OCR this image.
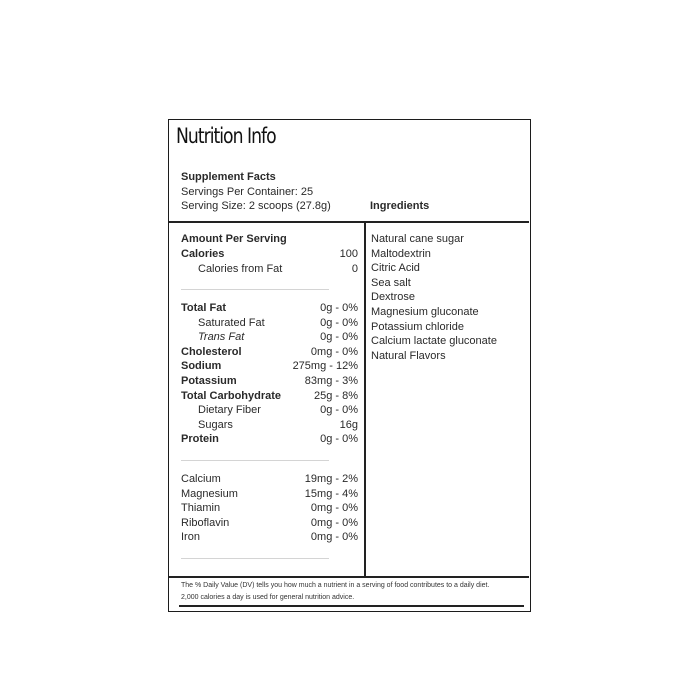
Nutrition Info
Supplement Facts
Servings Per Container: 25
Serving Size: 2 scoops (27.8g)	Ingredients
Amount Per Serving
Calories	100
Calories from Fat	0
Total Fat	0g - 0%
Saturated Fat	0g - 0%
Trans Fat	0g - 0%
Cholesterol	0mg - 0%
Sodium	275mg - 12%
Potassium	83mg - 3%
Total Carbohydrate	25g - 8%
Dietary Fiber	0g - 0%
Sugars	16g
Protein	0g - 0%
Calcium	19mg - 2%
Magnesium	15mg - 4%
Thiamin	0mg - 0%
Riboflavin	0mg - 0%
Iron	0mg - 0%
Natural cane sugar
Maltodextrin
Citric Acid
Sea salt
Dextrose
Magnesium gluconate
Potassium chloride
Calcium lactate gluconate
Natural Flavors
The % Daily Value (DV) tells you how much a nutrient in a serving of food contributes to a daily diet.
2,000 calories a day is used for general nutrition advice.
